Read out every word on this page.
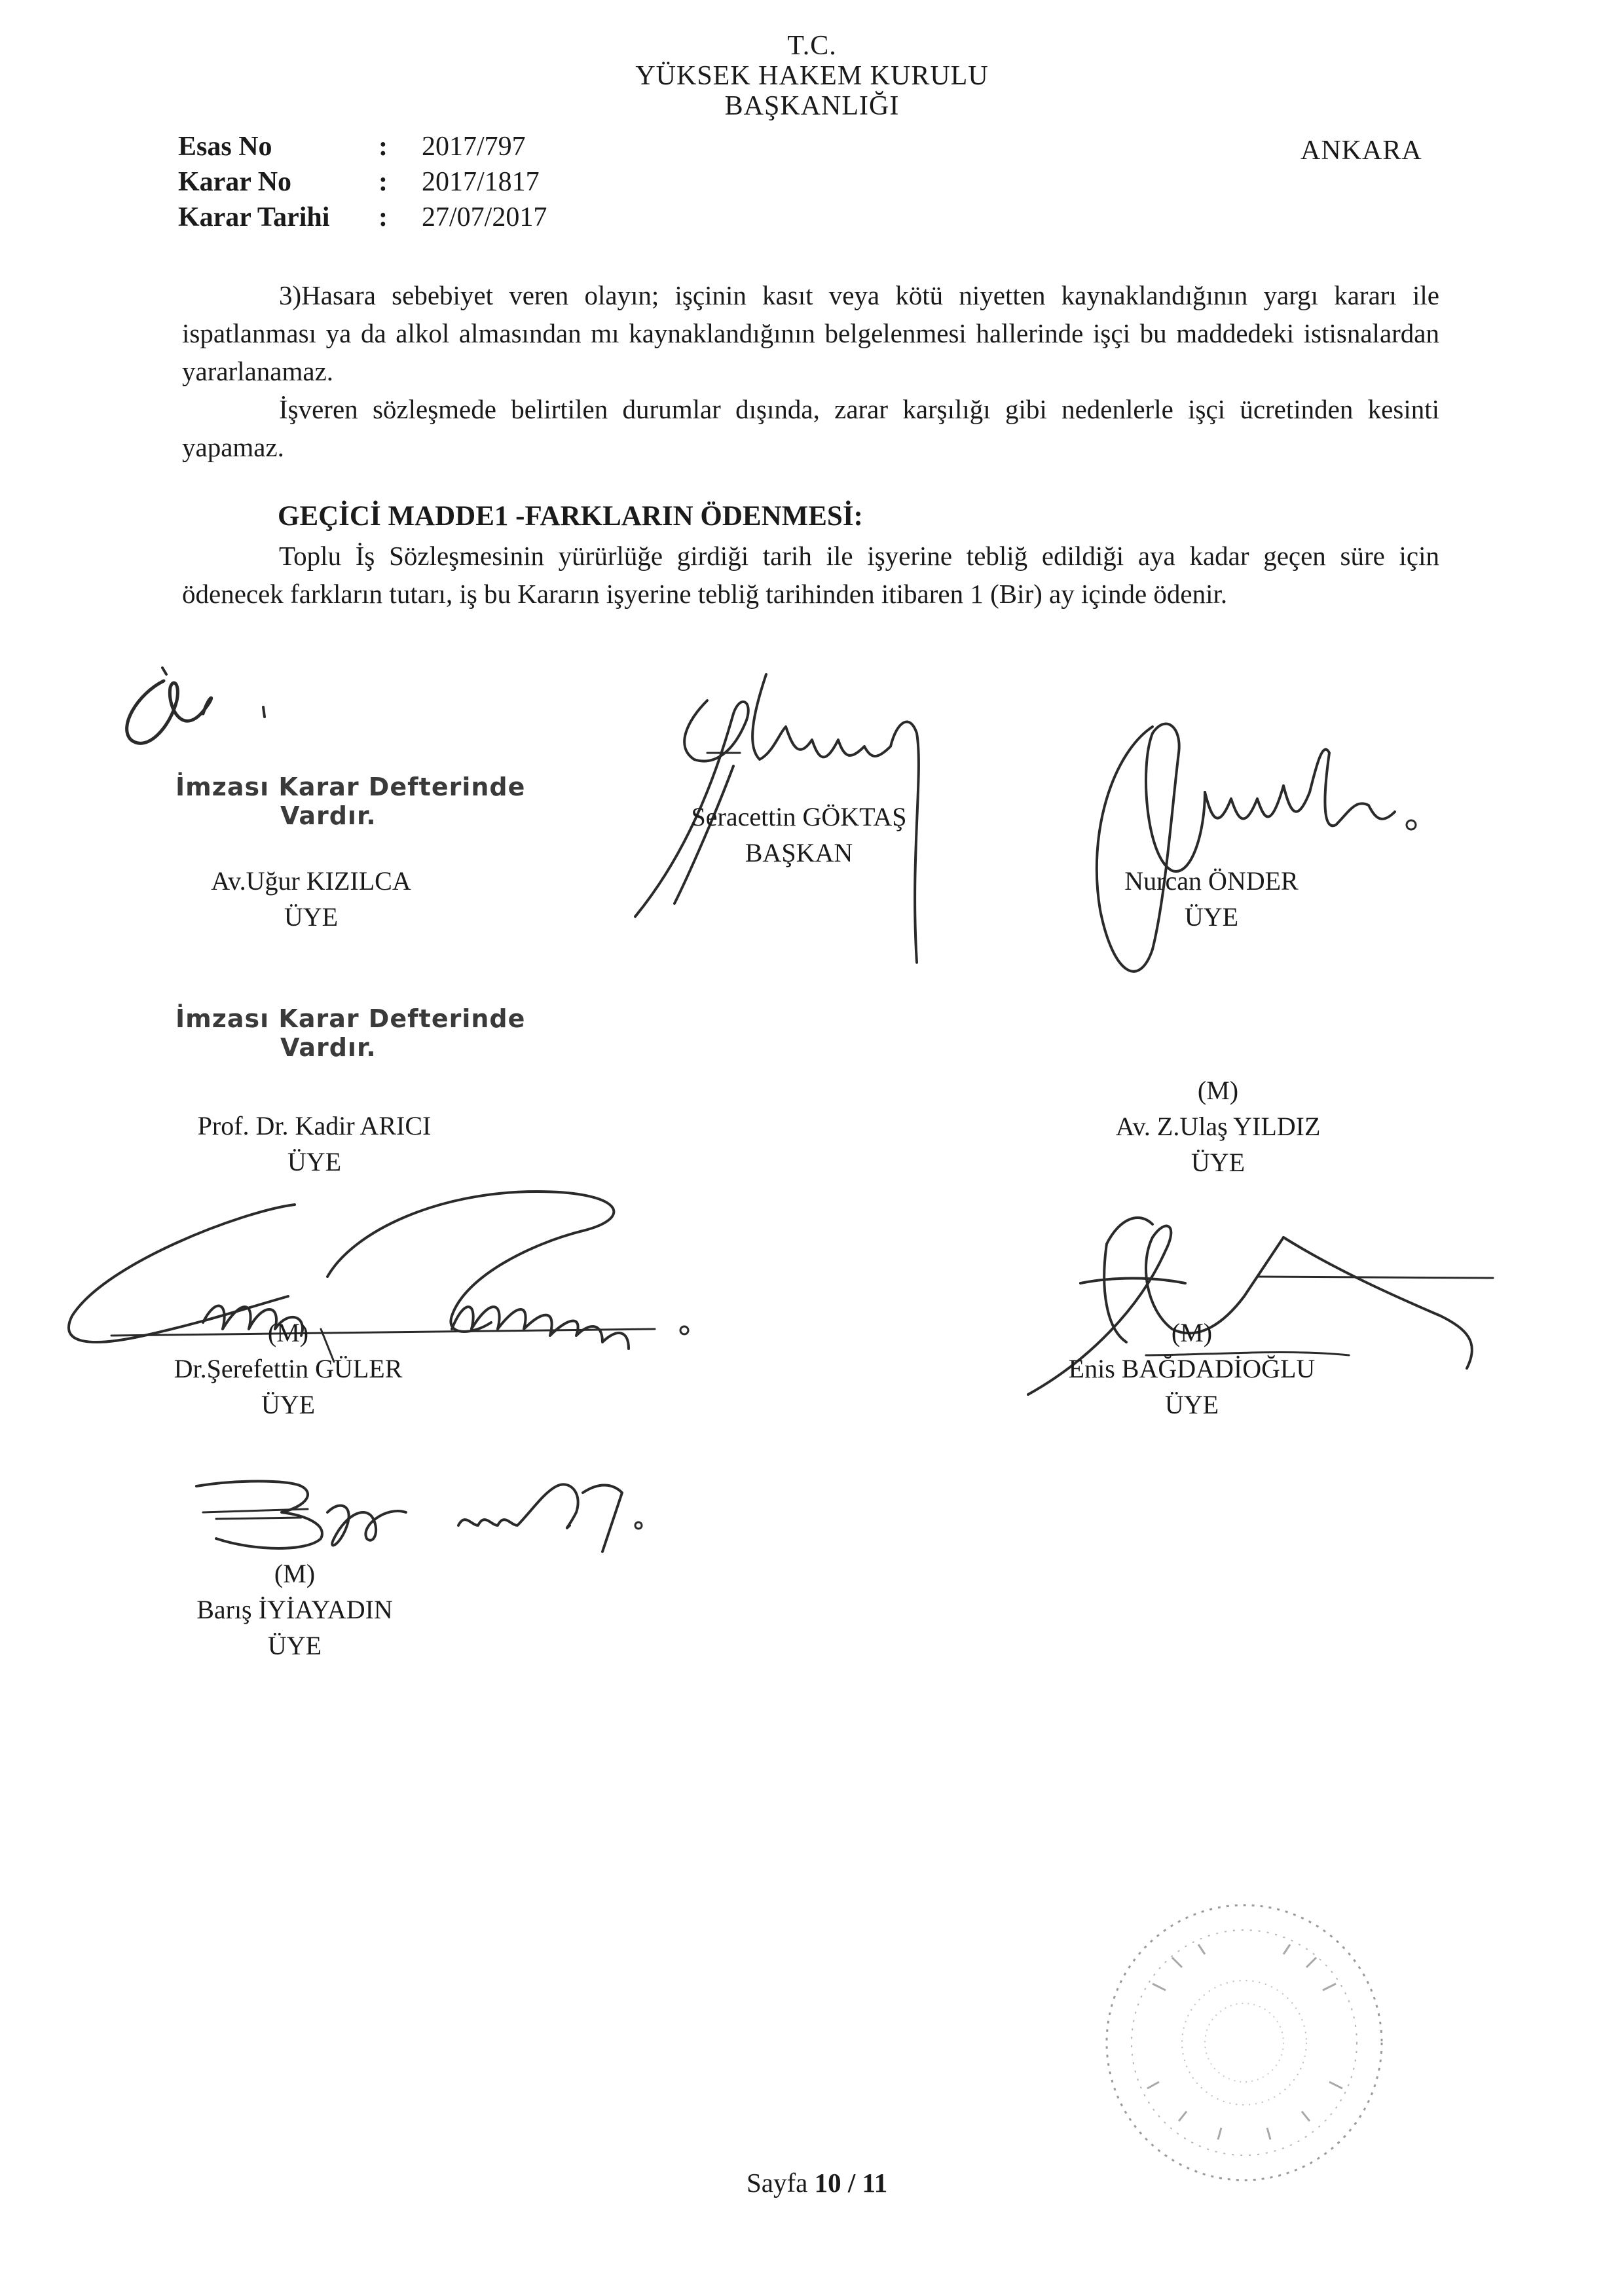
T.C.
YÜKSEK HAKEM KURULU
BAŞKANLIĞI
Esas No	: 2017/797
Karar No	: 2017/1817
Karar Tarihi : 27/07/2017
ANKARA

3)Hasara sebebiyet veren olayın; işçinin kasıt veya kötü niyetten kaynaklandığının yargı kararı ile ispatlanması ya da alkol almasından mı kaynaklandığının belgelenmesi hallerinde işçi bu maddedeki istisnalardan yararlanamaz.

İşveren sözleşmede belirtilen durumlar dışında, zarar karşılığı gibi nedenlerle işçi ücretinden kesinti yapamaz.

GEÇİCİ MADDE1 -FARKLARIN ÖDENMESİ:

Toplu İş Sözleşmesinin yürürlüğe girdiği tarih ile işyerine tebliğ edildiği aya kadar geçen süre için ödenecek farkların tutarı, iş bu Kararın işyerine tebliğ tarihinden itibaren 1 (Bir) ay içinde ödenir.

İmzası Karar Defterinde
Vardır.
Av.Uğur KIZILCA
ÜYE
Seracettin GÖKTAŞ
BAŞKAN
Nurcan ÖNDER
ÜYE
İmzası Karar Defterinde
Vardır.
Prof. Dr. Kadir ARICI
ÜYE
(M)
Av. Z.Ulaş YILDIZ
ÜYE
(M)
Dr.Şerefettin GÜLER
ÜYE
(M)
Enis BAĞDADİOĞLU
ÜYE
(M)
Barış İYİAYADIN
ÜYE
Sayfa 10 / 11
